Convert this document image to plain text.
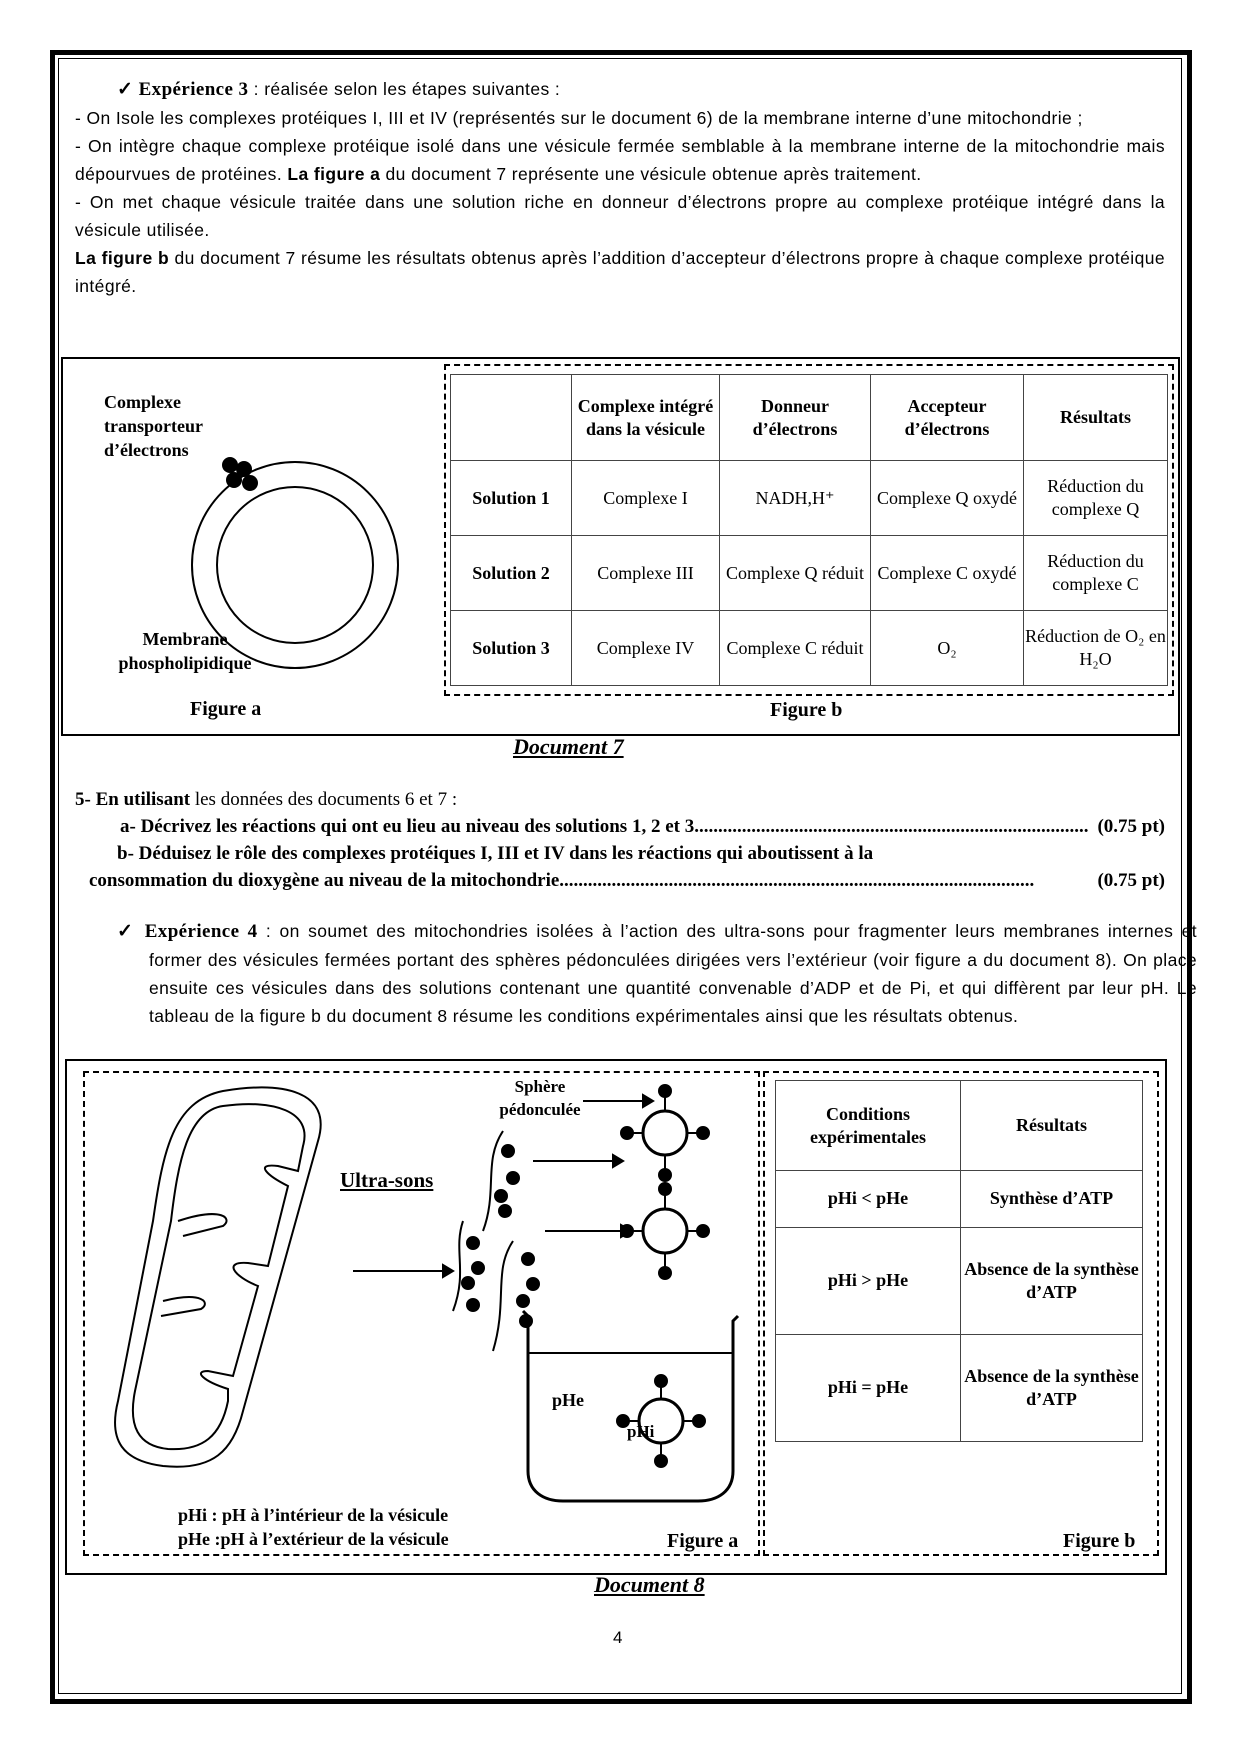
✓ Expérience 3 : réalisée selon les étapes suivantes :
- On Isole les complexes protéiques I, III et IV (représentés sur le document 6) de la membrane interne d’une mitochondrie ;
- On intègre chaque complexe protéique isolé dans une vésicule fermée semblable à la membrane interne de la mitochondrie mais dépourvues de protéines. La figure a du document 7 représente une vésicule obtenue après traitement.
- On met chaque vésicule traitée dans une solution riche en donneur d’électrons propre au complexe protéique intégré dans la vésicule utilisée.
La figure b du document 7 résume les résultats obtenus après l’addition d’accepteur d’électrons propre à chaque complexe protéique intégré.
Complexe transporteur d’électrons
Membrane phospholipidique
Figure a
	Complexe intégré dans la vésicule	Donneur d’électrons	Accepteur d’électrons	Résultats
Solution 1	Complexe I	NADH,H⁺	Complexe Q oxydé	Réduction du complexe Q
Solution 2	Complexe III	Complexe Q réduit	Complexe C oxydé	Réduction du complexe C
Solution 3	Complexe IV	Complexe C réduit	O₂	Réduction de O₂ en H₂O
Figure b
Document 7
5- En utilisant les données des documents 6 et 7 :
a- Décrivez les réactions qui ont eu lieu au niveau des solutions 1, 2 et 3. .................................................................................. (0.75 pt)
b- Déduisez le rôle des complexes protéiques I, III et IV dans les réactions qui aboutissent à la
consommation du dioxygène au niveau de la mitochondrie. ...................................................................................................	(0.75 pt)
✓ Expérience 4 : on soumet des mitochondries isolées à l’action des ultra-sons pour fragmenter leurs membranes internes et former des vésicules fermées portant des sphères pédonculées dirigées vers l’extérieur (voir figure a du document 8). On place ensuite ces vésicules dans des solutions contenant une quantité convenable d’ADP et de Pi, et qui diffèrent par leur pH. Le tableau de la figure b du document 8 résume les conditions expérimentales ainsi que les résultats obtenus.
Ultra-sons
Sphère pédonculée
pHe
pHi
pHi : pH à l’intérieur de la vésicule
pHe :pH à l’extérieur de la vésicule	Figure a
Conditions expérimentales	Résultats
pHi < pHe	Synthèse d’ATP
pHi > pHe	Absence de la synthèse d’ATP
pHi = pHe	Absence de la synthèse d’ATP
Figure b
Document 8
4
